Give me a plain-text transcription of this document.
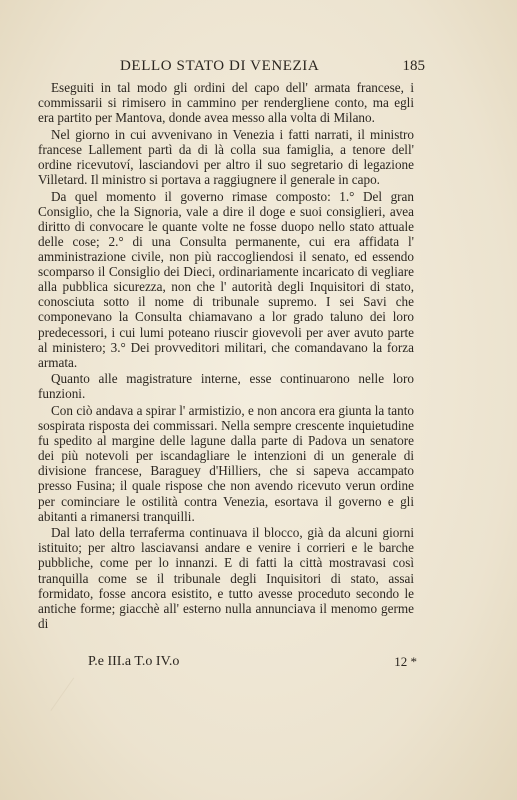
DELLO STATO DI VENEZIA	185

Eseguiti in tal modo gli ordini del capo dell' armata francese, i commissarii si rimisero in cammino per renderglienе conto, ma egli era partito per Mantova, donde avea messo alla volta di Milano.

Nel giorno in cui avvenivano in Venezia i fatti narrati, il ministro francese Lallement partì da di là colla sua famiglia, a tenore dell' ordine ricevutoví, lasciandovi per altro il suo segretario di legazione Villetard. Il ministro si portava a raggiugnere il generale in capo.

Da quel momento il governo rimase composto: 1.° Del gran Consiglio, che la Signoria, vale a dire il doge e suoi consiglieri, avea diritto di convocare le quante volte ne fosse duopo nello stato attuale delle cose; 2.° di una Consulta permanente, cui era affidata l' amministrazione civile, non più raccogliendosi il senato, ed essendo scomparso il Consiglio dei Dieci, ordinariamente incaricato di vegliare alla pubblica sicurezza, non che l' autorità degli Inquisitori di stato, conosciuta sotto il nome di tribunale supremo. I sei Savi che componevano la Consulta chiamavano a lor grado taluno dei loro predecessori, i cui lumi poteano riuscir giovevoli per aver avuto parte al ministero; 3.° Dei provveditori militari, che comandavano la forza armata.

Quanto alle magistrature interne, esse continuarono nelle loro funzioni.

Con ciò andava a spirar l' armistizio, e non ancora era giunta la tanto sospirata risposta dei commissari. Nella sempre crescente inquietudine fu spedito al margine delle lagune dalla parte di Padova un senatore dei più notevoli per iscandagliare le intenzioni di un generale di divisione francese, Baraguey d'Hilliers, che si sapeva accampato presso Fusina; il quale rispose che non avendo ricevuto verun ordine per cominciare le ostilità contra Venezia, esortava il governo e gli abitanti a rimanersi tranquilli.

Dal lato della terraferma continuava il blocco, già da alcuni giorni istituito; per altro lasciavansi andare e venire i corrieri e le barche pubbliche, come per lo innanzi. E di fatti la città mostravasi così tranquilla come se il tribunale degli Inquisitori di stato, assai formidato, fosse ancora esistito, e tutto avesse proceduto secondo le antiche forme; giacchè all' esterno nulla annunciava il menomo germe di

P.e III.a T.o IV.o	12 *
